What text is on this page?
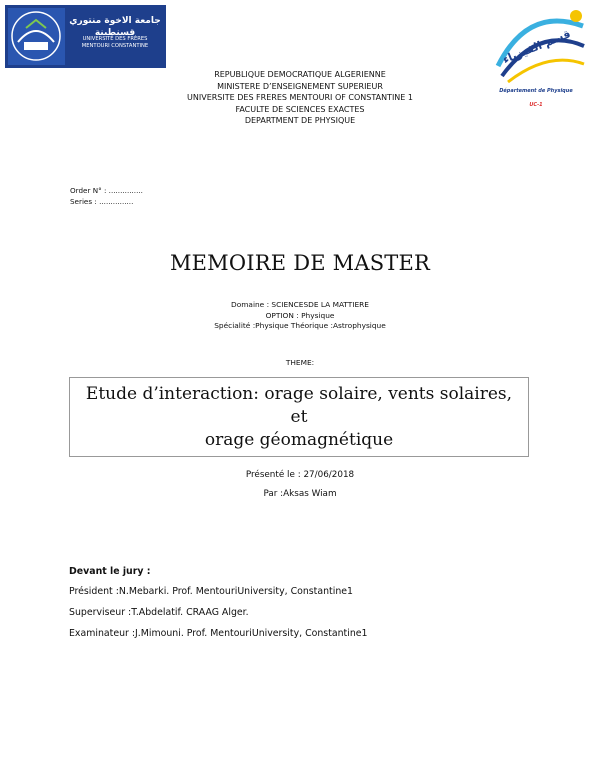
جامعة الاخوة منتوري قسنطينة
UNIVERSITÉ DES FRÈRES
MENTOURI CONSTANTINE	قسم الفيزياء
Département de Physique
UC-1
REPUBLIQUE DEMOCRATIQUE ALGERIENNE
MINISTERE D’ENSEIGNEMENT SUPERIEUR
UNIVERSITE DES FRERES MENTOURI OF CONSTANTINE 1
FACULTE DE SCIENCES EXACTES
DEPARTMENT DE PHYSIQUE
Order N° : ...............
Series : ...............
MEMOIRE DE MASTER
Domaine : SCIENCESDE LA MATTIERE
OPTION : Physique
Spécialité :Physique Théorique :Astrophysique
THEME:
Etude d’interaction: orage solaire, vents solaires, et
orage géomagnétique
Présenté le : 27/06/2018
Par :Aksas Wiam
Devant le jury :
Président :N.Mebarki. Prof. MentouriUniversity, Constantine1
Superviseur :T.Abdelatif. CRAAG Alger.
Examinateur :J.Mimouni. Prof. MentouriUniversity, Constantine1
